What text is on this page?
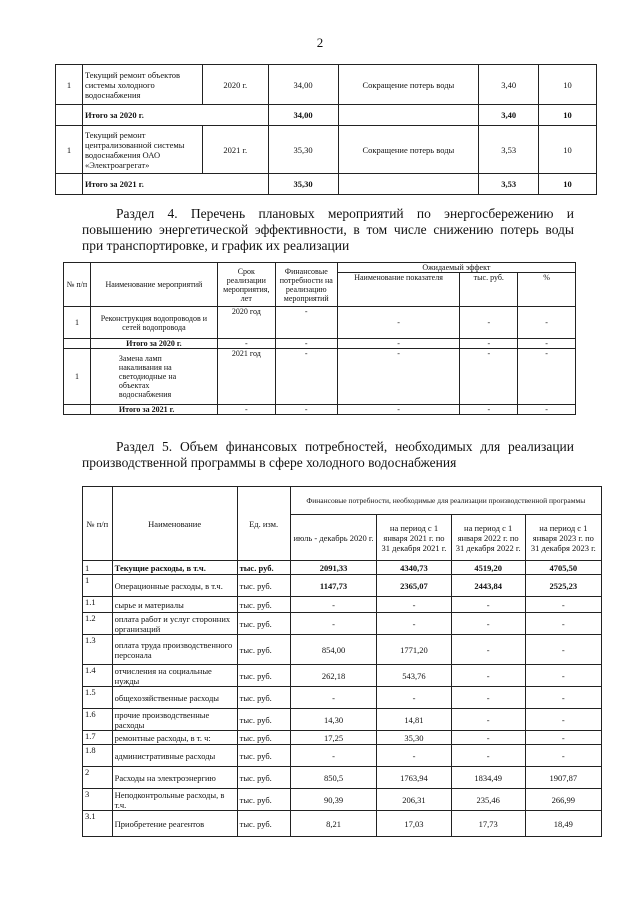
2
1	Текущий ремонт объектов системы холодного водоснабжения	2020 г.	34,00	Сокращение потерь воды	3,40	10
	Итого за 2020 г.		34,00		3,40	10
1	Текущий ремонт централизованной системы водоснабжения ОАО «Электроагрегат»	2021 г.	35,30	Сокращение потерь воды	3,53	10
	Итого за 2021 г.		35,30		3,53	10
Раздел 4. Перечень плановых мероприятий по энергосбережению и
повышению энергетической эффективности, в том числе снижению потерь воды
при транспортировке, и график их реализации
№ п/п	Наименование мероприятий	Срок реализации мероприятия, лет	Финансовые потребности на реализацию мероприятий	Ожидаемый эффект		
				Наименование показателя	тыс. руб.	%
1	Реконструкция водопроводов и сетей водопровода	2020 год	-	-	-	-
	Итого за 2020 г.	-	-	-	-	-
1	Замена ламп накаливания на светодиодные на объектах водоснабжения	2021 год	-	-	-	-
	Итого за 2021 г.	-	-	-	-	-
Раздел 5. Объем финансовых потребностей, необходимых для реализации
производственной программы в сфере холодного водоснабжения
№ п/п	Наименование	Ед. изм.	Финансовые потребности, необходимые для реализации производственной программы			
			июль - декабрь 2020 г.	на период с 1 января 2021 г. по 31 декабря 2021 г.	на период с 1 января 2022 г. по 31 декабря 2022 г.	на период с 1 января 2023 г. по 31 декабря 2023 г.
1	Текущие расходы, в т.ч.	тыс. руб.	2091,33	4340,73	4519,20	4705,50
1	Операционные расходы, в т.ч.	тыс. руб.	1147,73	2365,07	2443,84	2525,23
1.1	сырье и материалы	тыс. руб.	-	-	-	-
1.2	оплата работ и услуг сторонних организаций	тыс. руб.	-	-	-	-
1.3	оплата труда производственного персонала	тыс. руб.	854,00	1771,20	-	-
1.4	отчисления на социальные нужды	тыс. руб.	262,18	543,76	-	-
1.5	общехозяйственные расходы	тыс. руб.	-	-	-	-
1.6	прочие производственные расходы	тыс. руб.	14,30	14,81	-	-
1.7	ремонтные расходы, в т. ч:	тыс. руб.	17,25	35,30	-	-
1.8	административные расходы	тыс. руб.	-	-	-	-
2	Расходы на электроэнергию	тыс. руб.	850,5	1763,94	1834,49	1907,87
3	Неподконтрольные расходы, в т.ч.	тыс. руб.	90,39	206,31	235,46	266,99
3.1	Приобретение реагентов	тыс. руб.	8,21	17,03	17,73	18,49
